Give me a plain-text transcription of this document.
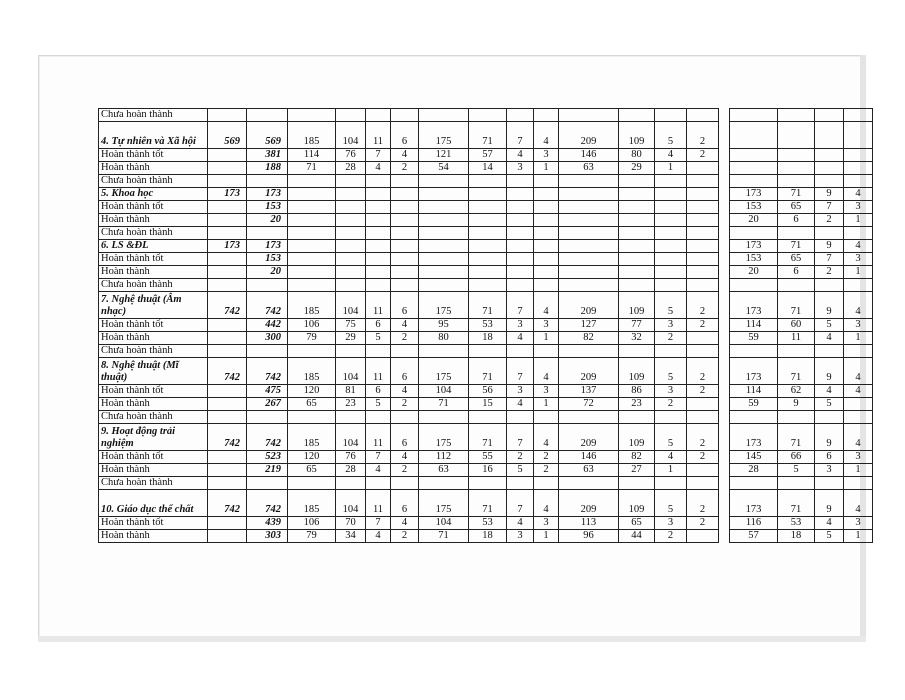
Chưa hoàn thành																			
4. Tự nhiên và Xã hội	569	569	185	104	11	6	175	71	7	4	209	109	5	2					
Hoàn thành tốt		381	114	76	7	4	121	57	4	3	146	80	4	2					
Hoàn thành		188	71	28	4	2	54	14	3	1	63	29	1						
Chưa hoàn thành																			
5. Khoa học	173	173														173	71	9	4
Hoàn thành tốt		153														153	65	7	3
Hoàn thành		20														20	6	2	1
Chưa hoàn thành																			
6. LS &ĐL	173	173														173	71	9	4
Hoàn thành tốt		153														153	65	7	3
Hoàn thành		20														20	6	2	1
Chưa hoàn thành																			
7. Nghệ thuật (Âm nhạc)	742	742	185	104	11	6	175	71	7	4	209	109	5	2		173	71	9	4
Hoàn thành tốt		442	106	75	6	4	95	53	3	3	127	77	3	2		114	60	5	3
Hoàn thành		300	79	29	5	2	80	18	4	1	82	32	2			59	11	4	1
Chưa hoàn thành																			
8. Nghệ thuật (Mĩ thuật)	742	742	185	104	11	6	175	71	7	4	209	109	5	2		173	71	9	4
Hoàn thành tốt		475	120	81	6	4	104	56	3	3	137	86	3	2		114	62	4	4
Hoàn thành		267	65	23	5	2	71	15	4	1	72	23	2			59	9	5	
Chưa hoàn thành																			
9. Hoạt động trải nghiệm	742	742	185	104	11	6	175	71	7	4	209	109	5	2		173	71	9	4
Hoàn thành tốt		523	120	76	7	4	112	55	2	2	146	82	4	2		145	66	6	3
Hoàn thành		219	65	28	4	2	63	16	5	2	63	27	1			28	5	3	1
Chưa hoàn thành																			
10. Giáo dục thể chất	742	742	185	104	11	6	175	71	7	4	209	109	5	2		173	71	9	4
Hoàn thành tốt		439	106	70	7	4	104	53	4	3	113	65	3	2		116	53	4	3
Hoàn thành		303	79	34	4	2	71	18	3	1	96	44	2			57	18	5	1
